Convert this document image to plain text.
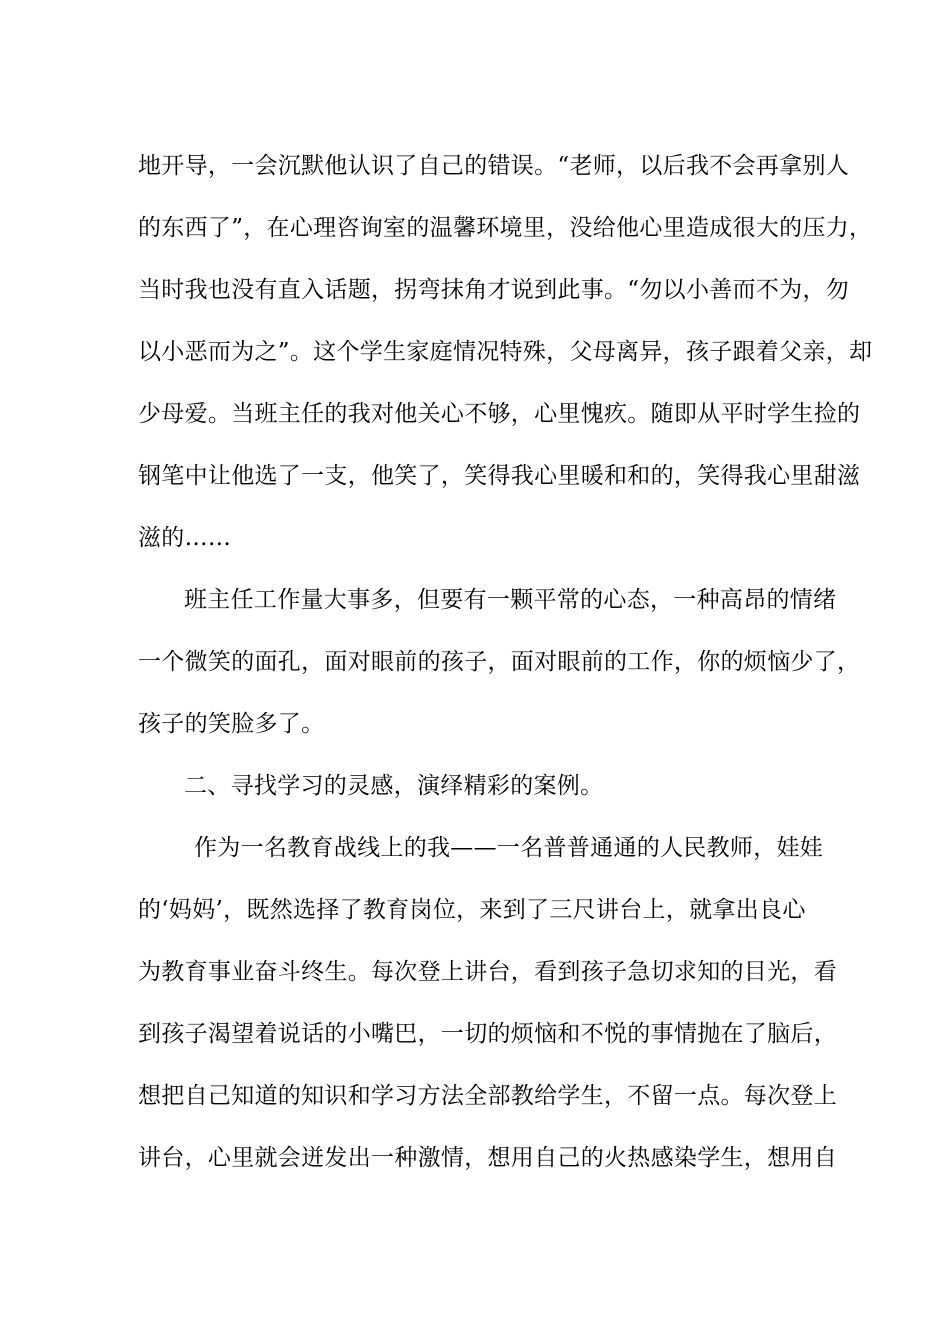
地开导，一会沉默他认识了自己的错误。“老师，以后我不会再拿别人
的东西了”，在心理咨询室的温馨环境里，没给他心里造成很大的压力，
当时我也没有直入话题，拐弯抹角才说到此事。“勿以小善而不为，勿
以小恶而为之”。这个学生家庭情况特殊，父母离异，孩子跟着父亲，却
少母爱。当班主任的我对他关心不够，心里愧疚。随即从平时学生捡的
钢笔中让他选了一支，他笑了，笑得我心里暖和和的，笑得我心里甜滋
滋的……
班主任工作量大事多，但要有一颗平常的心态，一种高昂的情绪
一个微笑的面孔，面对眼前的孩子，面对眼前的工作，你的烦恼少了，
孩子的笑脸多了。
二、寻找学习的灵感，演绎精彩的案例。
作为一名教育战线上的我——一名普普通通的人民教师，娃娃
的‘妈妈’，既然选择了教育岗位，来到了三尺讲台上，就拿出良心
为教育事业奋斗终生。每次登上讲台，看到孩子急切求知的目光，看
到孩子渴望着说话的小嘴巴，一切的烦恼和不悦的事情抛在了脑后，
想把自己知道的知识和学习方法全部教给学生，不留一点。每次登上
讲台，心里就会迸发出一种激情，想用自己的火热感染学生，想用自
